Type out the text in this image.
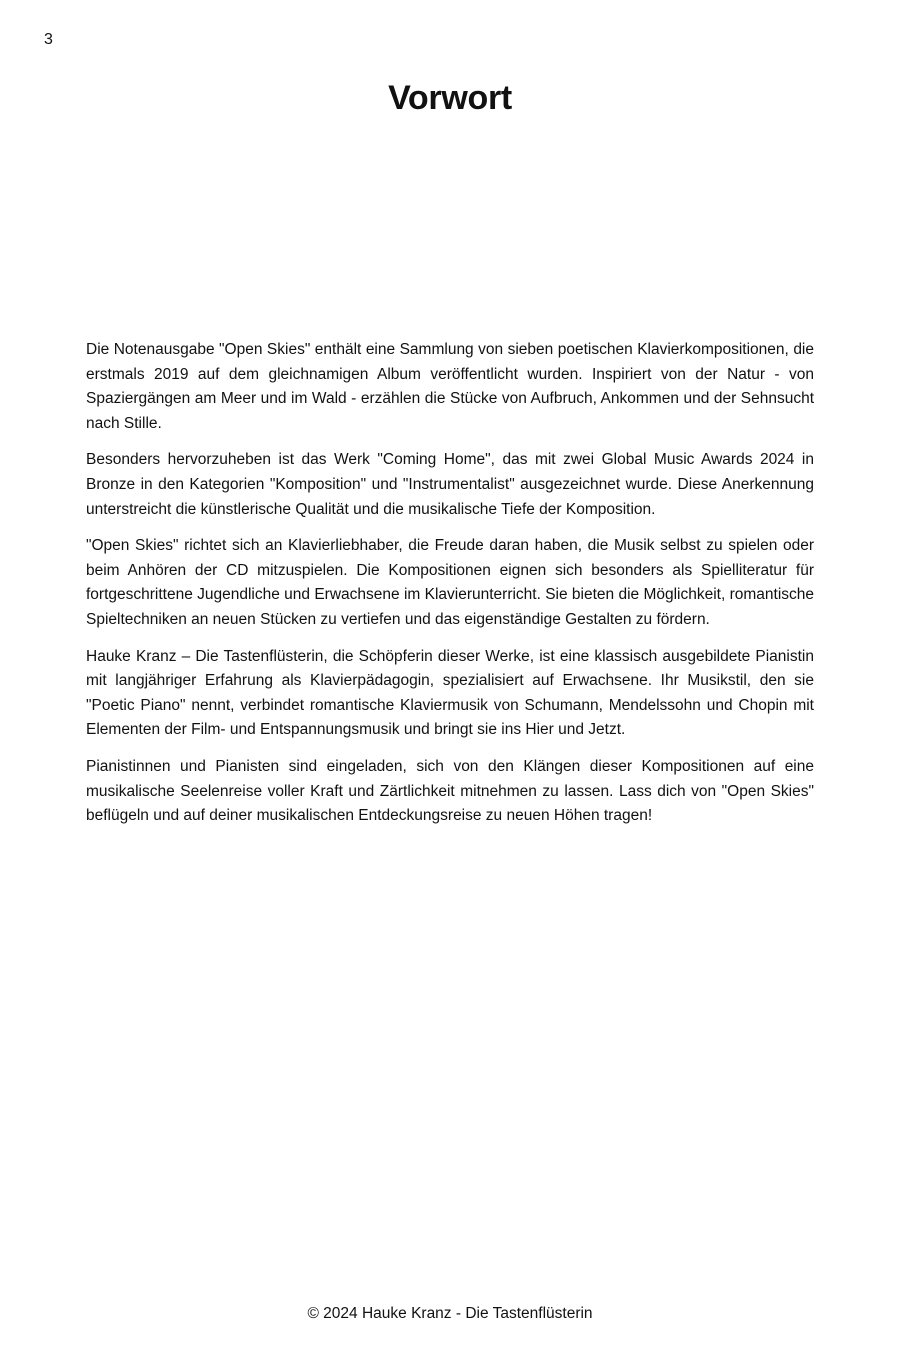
3
Vorwort

Die Notenausgabe "Open Skies" enthält eine Sammlung von sieben poetischen Klavierkompositionen, die erstmals 2019 auf dem gleichnamigen Album veröffentlicht wurden. Inspiriert von der Natur - von Spaziergängen am Meer und im Wald - erzählen die Stücke von Aufbruch, Ankommen und der Sehnsucht nach Stille.

Besonders hervorzuheben ist das Werk "Coming Home", das mit zwei Global Music Awards 2024 in Bronze in den Kategorien "Komposition" und "Instrumentalist" ausgezeichnet wurde. Diese Anerkennung unterstreicht die künstlerische Qualität und die musikalische Tiefe der Komposition.

"Open Skies" richtet sich an Klavierliebhaber, die Freude daran haben, die Musik selbst zu spielen oder beim Anhören der CD mitzuspielen. Die Kompositionen eignen sich besonders als Spielliteratur für fortgeschrittene Jugendliche und Erwachsene im Klavierunterricht. Sie bieten die Möglichkeit, romantische Spieltechniken an neuen Stücken zu vertiefen und das eigenständige Gestalten zu fördern.

Hauke Kranz – Die Tastenflüsterin, die Schöpferin dieser Werke, ist eine klassisch ausgebildete Pianistin mit langjähriger Erfahrung als Klavierpädagogin, spezialisiert auf Erwachsene. Ihr Musikstil, den sie "Poetic Piano" nennt, verbindet romantische Klaviermusik von Schumann, Mendelssohn und Chopin mit Elementen der Film- und Entspannungsmusik und bringt sie ins Hier und Jetzt.

Pianistinnen und Pianisten sind eingeladen, sich von den Klängen dieser Kompositionen auf eine musikalische Seelenreise voller Kraft und Zärtlichkeit mitnehmen zu lassen. Lass dich von "Open Skies" beflügeln und auf deiner musikalischen Entdeckungsreise zu neuen Höhen tragen!

© 2024 Hauke Kranz - Die Tastenflüsterin
